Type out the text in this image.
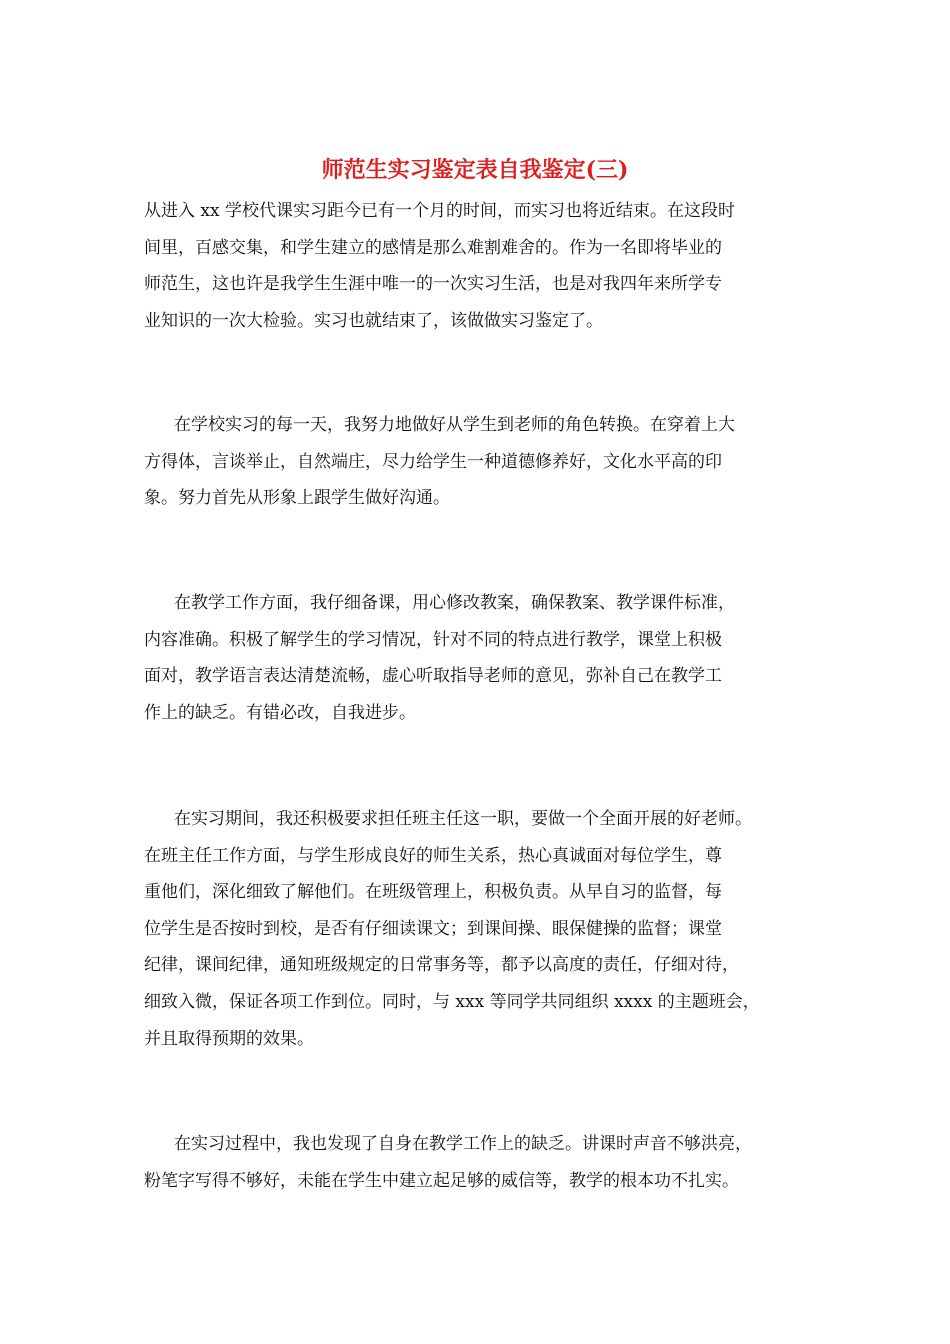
师范生实习鉴定表自我鉴定(三)

从进入 xx 学校代课实习距今已有一个月的时间，而实习也将近结束。在这段时
间里，百感交集，和学生建立的感情是那么难割难舍的。作为一名即将毕业的
师范生，这也许是我学生生涯中唯一的一次实习生活，也是对我四年来所学专
业知识的一次大检验。实习也就结束了，该做做实习鉴定了。

在学校实习的每一天，我努力地做好从学生到老师的角色转换。在穿着上大
方得体，言谈举止，自然端庄，尽力给学生一种道德修养好，文化水平高的印
象。努力首先从形象上跟学生做好沟通。

在教学工作方面，我仔细备课，用心修改教案，确保教案、教学课件标准，
内容准确。积极了解学生的学习情况，针对不同的特点进行教学，课堂上积极
面对，教学语言表达清楚流畅，虚心听取指导老师的意见，弥补自己在教学工
作上的缺乏。有错必改，自我进步。

在实习期间，我还积极要求担任班主任这一职，要做一个全面开展的好老师。
在班主任工作方面，与学生形成良好的师生关系，热心真诚面对每位学生，尊
重他们，深化细致了解他们。在班级管理上，积极负责。从早自习的监督，每
位学生是否按时到校，是否有仔细读课文；到课间操、眼保健操的监督；课堂
纪律，课间纪律，通知班级规定的日常事务等，都予以高度的责任，仔细对待，
细致入微，保证各项工作到位。同时，与 xxx 等同学共同组织 xxxx 的主题班会，
并且取得预期的效果。

在实习过程中，我也发现了自身在教学工作上的缺乏。讲课时声音不够洪亮，
粉笔字写得不够好，未能在学生中建立起足够的威信等，教学的根本功不扎实。
